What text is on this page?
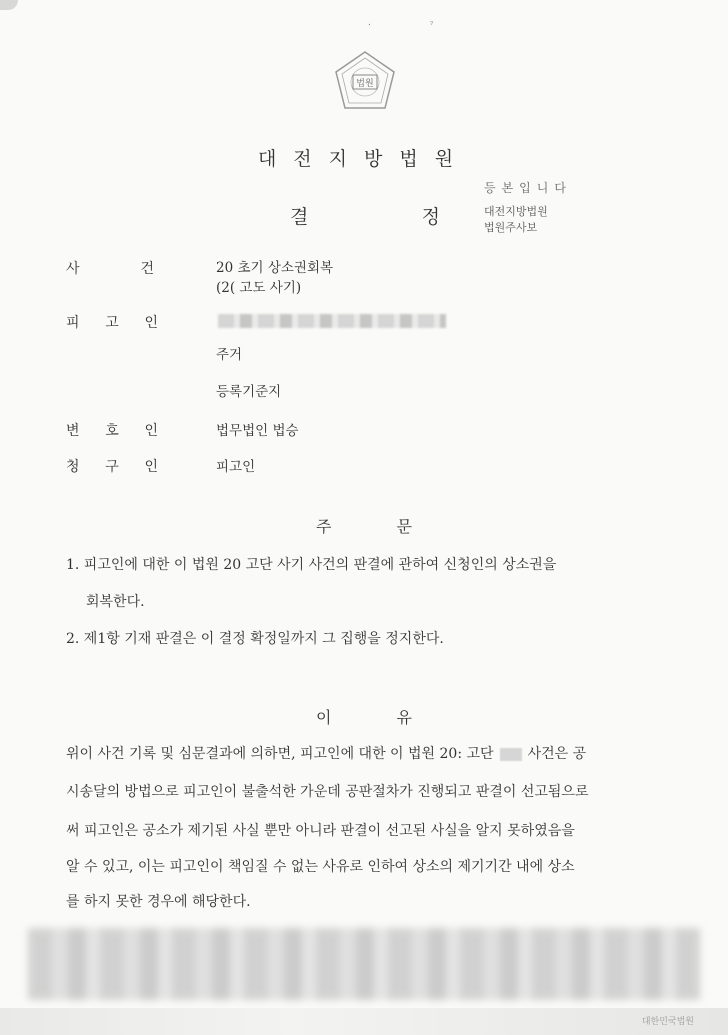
. ₇
법원
대전지방법원
결	정
등본입니다
대전지방법원
법원주사보
사	건	20 초기 상소권회복
(2( 고도 사기)
피 고 인
주거
등록기준지
변 호 인	법무법인 법승
청 구 인	피고인
주	문
1. 피고인에 대한 이 법원 20 고단 사기 사건의 판결에 관하여 신청인의 상소권을
회복한다.
2. 제1항 기재 판결은 이 결정 확정일까지 그 집행을 정지한다.
이	유
위이 사건 기록 및 심문결과에 의하면, 피고인에 대한 이 법원 20: 고단 사건은 공
시송달의 방법으로 피고인이 불출석한 가운데 공판절차가 진행되고 판결이 선고됨으로
써 피고인은 공소가 제기된 사실 뿐만 아니라 판결이 선고된 사실을 알지 못하였음을
알 수 있고, 이는 피고인이 책임질 수 없는 사유로 인하여 상소의 제기기간 내에 상소
를 하지 못한 경우에 해당한다.
대한민국법원
